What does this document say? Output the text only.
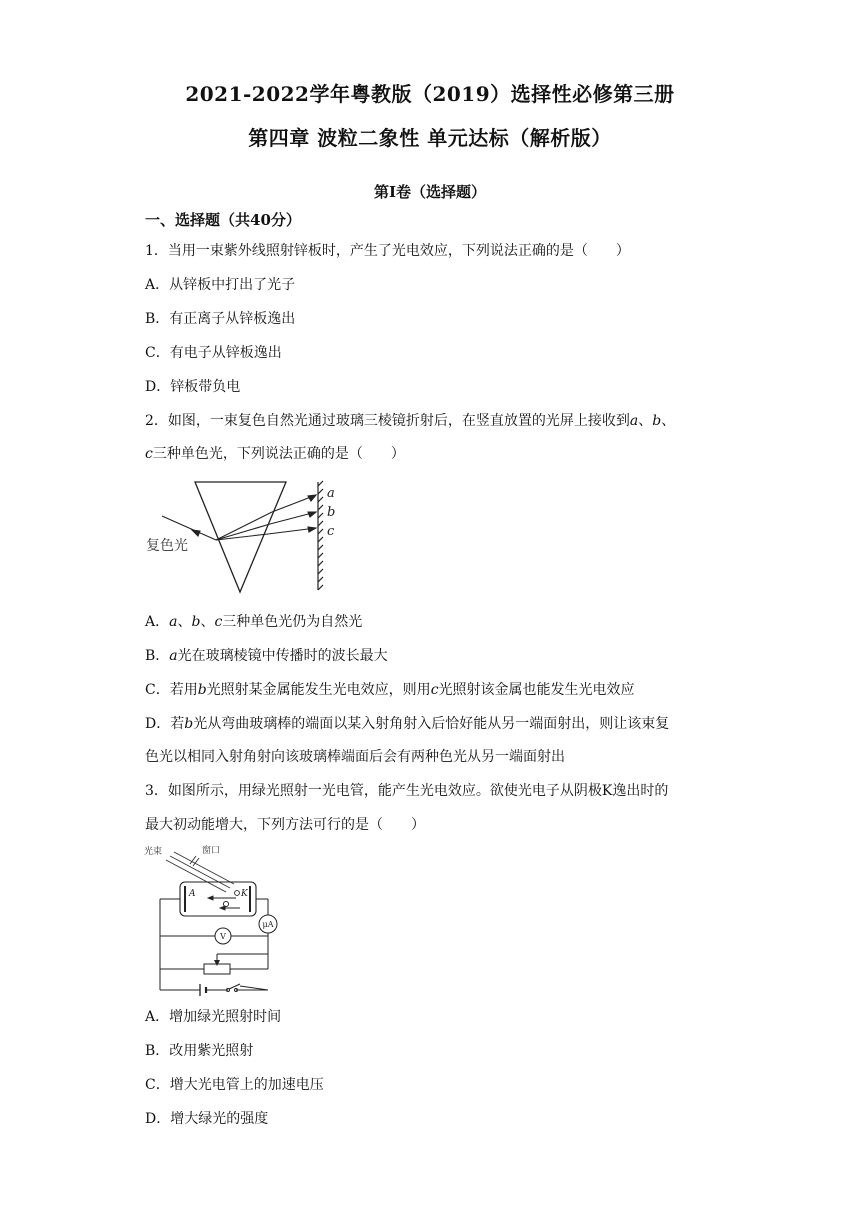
2021-2022学年粤教版（2019）选择性必修第三册
第四章 波粒二象性 单元达标（解析版）
第Ⅰ卷（选择题）
一、选择题（共40分）
1．当用一束紫外线照射锌板时，产生了光电效应，下列说法正确的是（　　）
A．从锌板中打出了光子
B．有正离子从锌板逸出
C．有电子从锌板逸出
D．锌板带负电
2．如图，一束复色自然光通过玻璃三棱镜折射后，在竖直放置的光屏上接收到a、b、
c三种单色光，下列说法正确的是（　　）
复色光
a
b
c
A．a、b、c三种单色光仍为自然光
B．a光在玻璃棱镜中传播时的波长最大
C．若用b光照射某金属能发生光电效应，则用c光照射该金属也能发生光电效应
D．若b光从弯曲玻璃棒的端面以某入射角射入后恰好能从另一端面射出，则让该束复
色光以相同入射角射向该玻璃棒端面后会有两种色光从另一端面射出
3．如图所示，用绿光照射一光电管，能产生光电效应。欲使光电子从阴极K逸出时的
最大初动能增大，下列方法可行的是（　　）
光束	窗口
A	K
μA
V
A．增加绿光照射时间
B．改用紫光照射
C．增大光电管上的加速电压
D．增大绿光的强度
